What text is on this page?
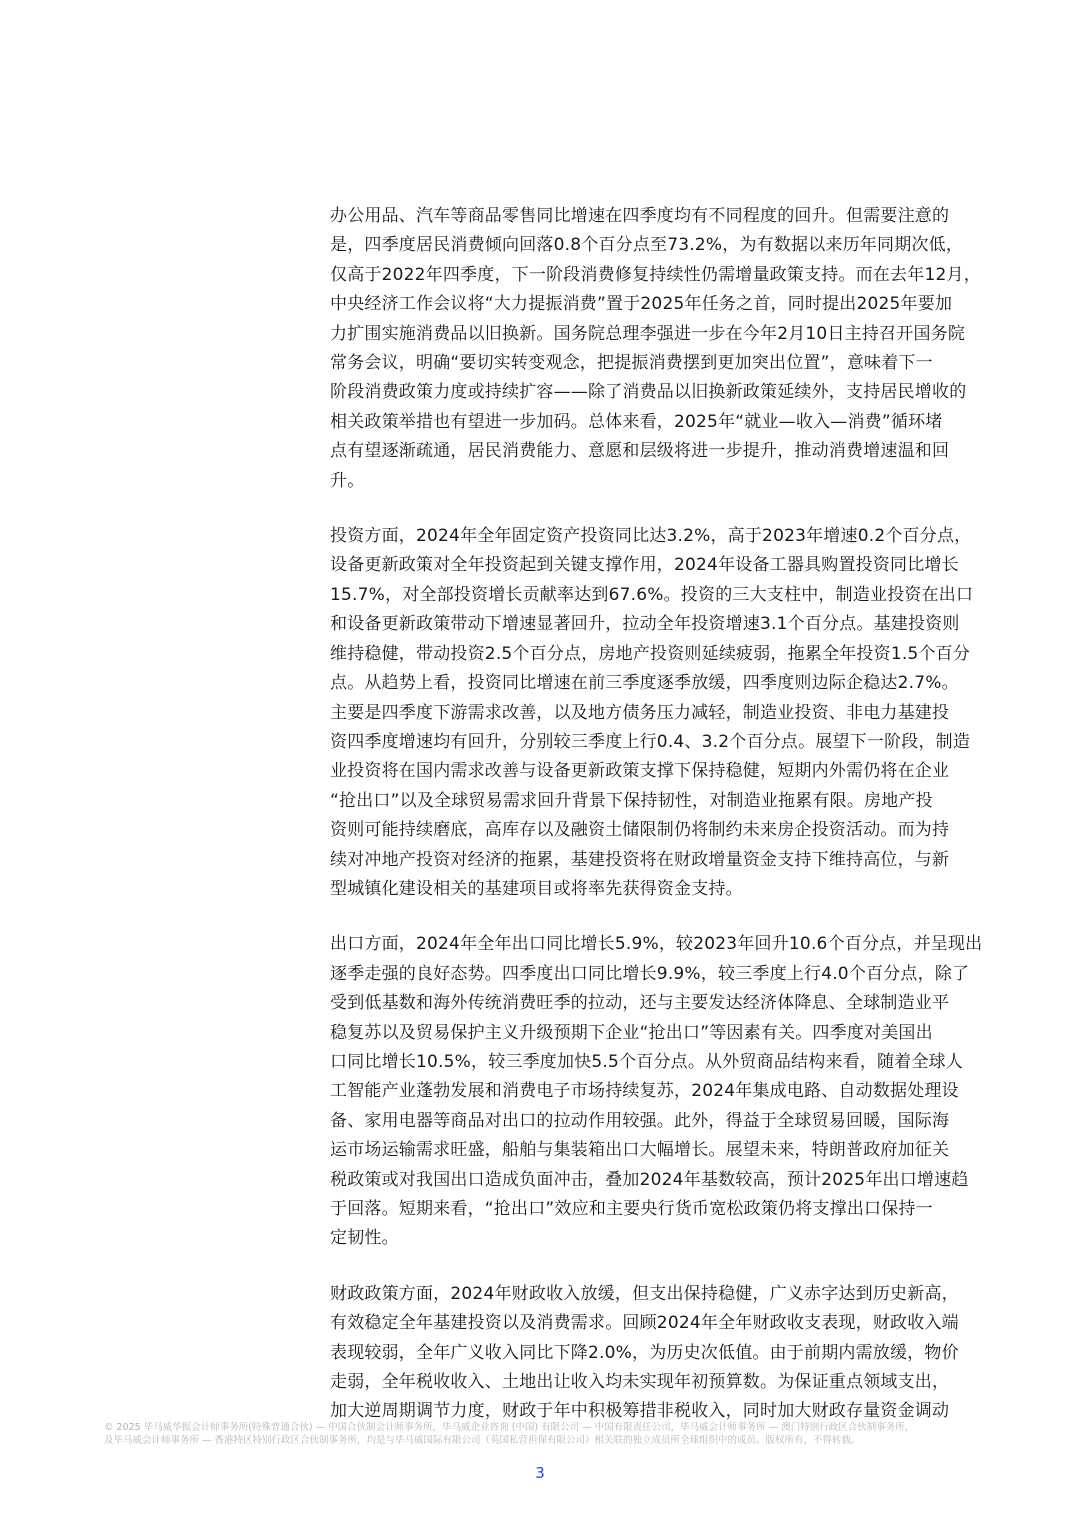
办公用品、汽车等商品零售同比增速在四季度均有不同程度的回升。但需要注意的
是，四季度居民消费倾向回落0.8个百分点至73.2%，为有数据以来历年同期次低，
仅高于2022年四季度，下一阶段消费修复持续性仍需增量政策支持。而在去年12月，
中央经济工作会议将“大力提振消费”置于2025年任务之首，同时提出2025年要加
力扩围实施消费品以旧换新。国务院总理李强进一步在今年2月10日主持召开国务院
常务会议，明确“要切实转变观念，把提振消费摆到更加突出位置”，意味着下一
阶段消费政策力度或持续扩容——除了消费品以旧换新政策延续外，支持居民增收的
相关政策举措也有望进一步加码。总体来看，2025年“就业—收入—消费”循环堵
点有望逐渐疏通，居民消费能力、意愿和层级将进一步提升，推动消费增速温和回
升。

投资方面，2024年全年固定资产投资同比达3.2%，高于2023年增速0.2个百分点，
设备更新政策对全年投资起到关键支撑作用，2024年设备工器具购置投资同比增长
15.7%，对全部投资增长贡献率达到67.6%。投资的三大支柱中，制造业投资在出口
和设备更新政策带动下增速显著回升，拉动全年投资增速3.1个百分点。基建投资则
维持稳健，带动投资2.5个百分点，房地产投资则延续疲弱，拖累全年投资1.5个百分
点。从趋势上看，投资同比增速在前三季度逐季放缓，四季度则边际企稳达2.7%。
主要是四季度下游需求改善，以及地方债务压力减轻，制造业投资、非电力基建投
资四季度增速均有回升，分别较三季度上行0.4、3.2个百分点。展望下一阶段，制造
业投资将在国内需求改善与设备更新政策支撑下保持稳健，短期内外需仍将在企业
“抢出口”以及全球贸易需求回升背景下保持韧性，对制造业拖累有限。房地产投
资则可能持续磨底，高库存以及融资土储限制仍将制约未来房企投资活动。而为持
续对冲地产投资对经济的拖累，基建投资将在财政增量资金支持下维持高位，与新
型城镇化建设相关的基建项目或将率先获得资金支持。

出口方面，2024年全年出口同比增长5.9%，较2023年回升10.6个百分点，并呈现出
逐季走强的良好态势。四季度出口同比增长9.9%，较三季度上行4.0个百分点，除了
受到低基数和海外传统消费旺季的拉动，还与主要发达经济体降息、全球制造业平
稳复苏以及贸易保护主义升级预期下企业“抢出口”等因素有关。四季度对美国出
口同比增长10.5%，较三季度加快5.5个百分点。从外贸商品结构来看，随着全球人
工智能产业蓬勃发展和消费电子市场持续复苏，2024年集成电路、自动数据处理设
备、家用电器等商品对出口的拉动作用较强。此外，得益于全球贸易回暖，国际海
运市场运输需求旺盛，船舶与集装箱出口大幅增长。展望未来，特朗普政府加征关
税政策或对我国出口造成负面冲击，叠加2024年基数较高，预计2025年出口增速趋
于回落。短期来看，“抢出口”效应和主要央行货币宽松政策仍将支撑出口保持一
定韧性。

财政政策方面，2024年财政收入放缓，但支出保持稳健，广义赤字达到历史新高，
有效稳定全年基建投资以及消费需求。回顾2024年全年财政收支表现，财政收入端
表现较弱，全年广义收入同比下降2.0%，为历史次低值。由于前期内需放缓，物价
走弱，全年税收收入、土地出让收入均未实现年初预算数。为保证重点领域支出，
加大逆周期调节力度，财政于年中积极筹措非税收入，同时加大财政存量资金调动

© 2025 毕马威华振会计师事务所(特殊普通合伙) — 中国合伙制会计师事务所，毕马威企业咨询 (中国) 有限公司 — 中国有限责任公司，毕马威会计师事务所 — 澳门特别行政区合伙制事务所，
及毕马威会计师事务所 — 香港特区特别行政区合伙制事务所，均是与毕马威国际有限公司（英国私营担保有限公司）相关联的独立成员所全球组织中的成员。版权所有，不得转载。
3
